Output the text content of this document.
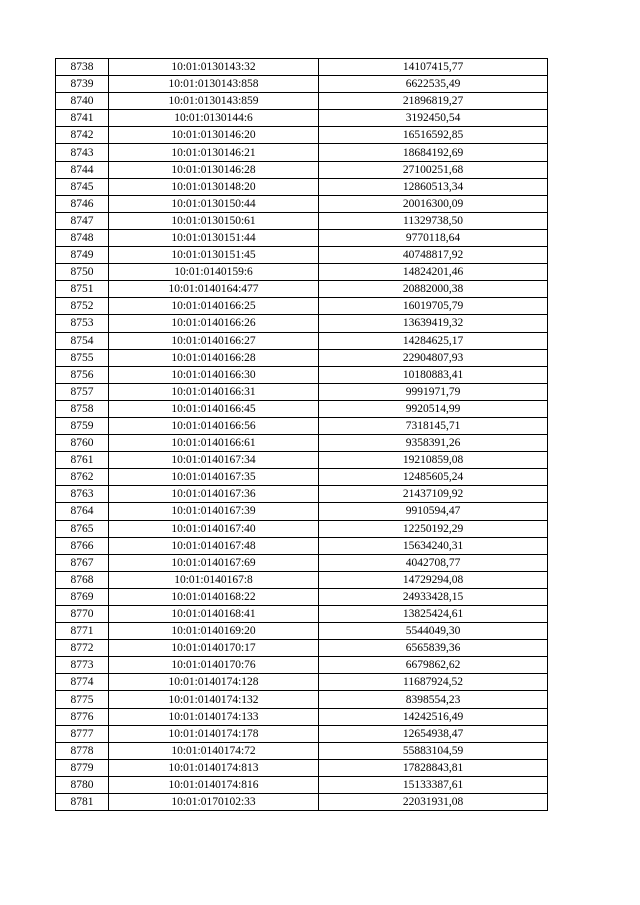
8738	10:01:0130143:32	14107415,77
8739	10:01:0130143:858	6622535,49
8740	10:01:0130143:859	21896819,27
8741	10:01:0130144:6	3192450,54
8742	10:01:0130146:20	16516592,85
8743	10:01:0130146:21	18684192,69
8744	10:01:0130146:28	27100251,68
8745	10:01:0130148:20	12860513,34
8746	10:01:0130150:44	20016300,09
8747	10:01:0130150:61	11329738,50
8748	10:01:0130151:44	9770118,64
8749	10:01:0130151:45	40748817,92
8750	10:01:0140159:6	14824201,46
8751	10:01:0140164:477	20882000,38
8752	10:01:0140166:25	16019705,79
8753	10:01:0140166:26	13639419,32
8754	10:01:0140166:27	14284625,17
8755	10:01:0140166:28	22904807,93
8756	10:01:0140166:30	10180883,41
8757	10:01:0140166:31	9991971,79
8758	10:01:0140166:45	9920514,99
8759	10:01:0140166:56	7318145,71
8760	10:01:0140166:61	9358391,26
8761	10:01:0140167:34	19210859,08
8762	10:01:0140167:35	12485605,24
8763	10:01:0140167:36	21437109,92
8764	10:01:0140167:39	9910594,47
8765	10:01:0140167:40	12250192,29
8766	10:01:0140167:48	15634240,31
8767	10:01:0140167:69	4042708,77
8768	10:01:0140167:8	14729294,08
8769	10:01:0140168:22	24933428,15
8770	10:01:0140168:41	13825424,61
8771	10:01:0140169:20	5544049,30
8772	10:01:0140170:17	6565839,36
8773	10:01:0140170:76	6679862,62
8774	10:01:0140174:128	11687924,52
8775	10:01:0140174:132	8398554,23
8776	10:01:0140174:133	14242516,49
8777	10:01:0140174:178	12654938,47
8778	10:01:0140174:72	55883104,59
8779	10:01:0140174:813	17828843,81
8780	10:01:0140174:816	15133387,61
8781	10:01:0170102:33	22031931,08
